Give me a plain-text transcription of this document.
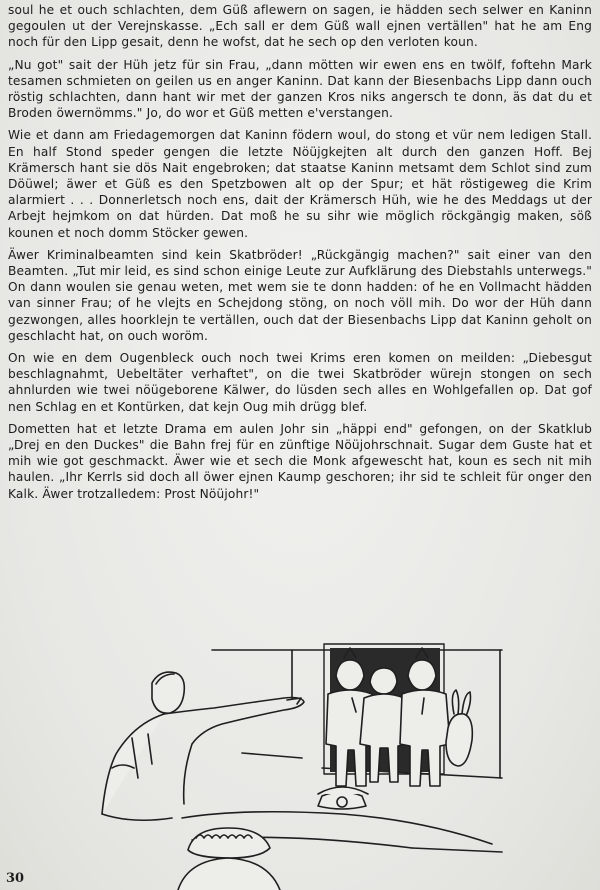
soul he et ouch schlachten, dem Güß aflewern on sagen, ie hädden sech selwer en Kaninn gegoulen ut der Verejnskasse. „Ech sall er dem Güß wall ejnen vertällen" hat he am Eng noch für den Lipp gesait, denn he wofst, dat he sech op den verloten koun.

„Nu got" sait der Hüh jetz für sin Frau, „dann mötten wir ewen ens en twölf, foftehn Mark tesamen schmieten on geilen us en anger Kaninn. Dat kann der Biesenbachs Lipp dann ouch röstig schlachten, dann hant wir met der ganzen Kros niks angersch te donn, äs dat du et Broden öwernömms." Jo, do wor et Güß metten e'verstangen.

Wie et dann am Friedagemorgen dat Kaninn födern woul, do stong et vür nem ledigen Stall. En half Stond speder gengen die letzte Nöüjgkejten alt durch den ganzen Hoff. Bej Krämersch hant sie dös Nait engebroken; dat staatse Kaninn metsamt dem Schlot sind zum Döüwel; äwer et Güß es den Spetzbowen alt op der Spur; et hät röstigeweg die Krim alarmiert . . . Donnerletsch noch ens, dait der Krämersch Hüh, wie he des Meddags ut der Arbejt hejmkom on dat hürden. Dat moß he su sihr wie möglich röckgängig maken, söß kounen et noch domm Stöcker gewen.

Äwer Kriminalbeamten sind kein Skatbröder! „Rückgängig machen?" sait einer van den Beamten. „Tut mir leid, es sind schon einige Leute zur Aufklärung des Diebstahls unterwegs." On dann woulen sie genau weten, met wem sie te donn hadden: of he en Vollmacht hädden van sinner Frau; of he vlejts en Schejdong stöng, on noch völl mih. Do wor der Hüh dann gezwongen, alles hoorklejn te vertällen, ouch dat der Biesenbachs Lipp dat Kaninn geholt on geschlacht hat, on ouch woröm.

On wie en dem Ougenbleck ouch noch twei Krims eren komen on meilden: „Diebesgut beschlagnahmt, Uebeltäter verhaftet", on die twei Skatbröder würejn stongen on sech ahnlurden wie twei nöügeborene Kälwer, do lüsden sech alles en Wohlgefallen op. Dat gof nen Schlag en et Kontürken, dat kejn Oug mih drügg blef.

Dometten hat et letzte Drama em aulen Johr sin „häppi end" gefongen, on der Skatklub „Drej en den Duckes" die Bahn frej für en zünftige Nöüjohrschnait. Sugar dem Guste hat et mih wie got geschmackt. Äwer wie et sech die Monk afgewescht hat, koun es sech nit mih haulen. „Ihr Kerrls sid doch all öwer ejnen Kaump geschoren; ihr sid te schleit für onger den Kalk. Äwer trotzalledem: Prost Nöüjohr!"

30
